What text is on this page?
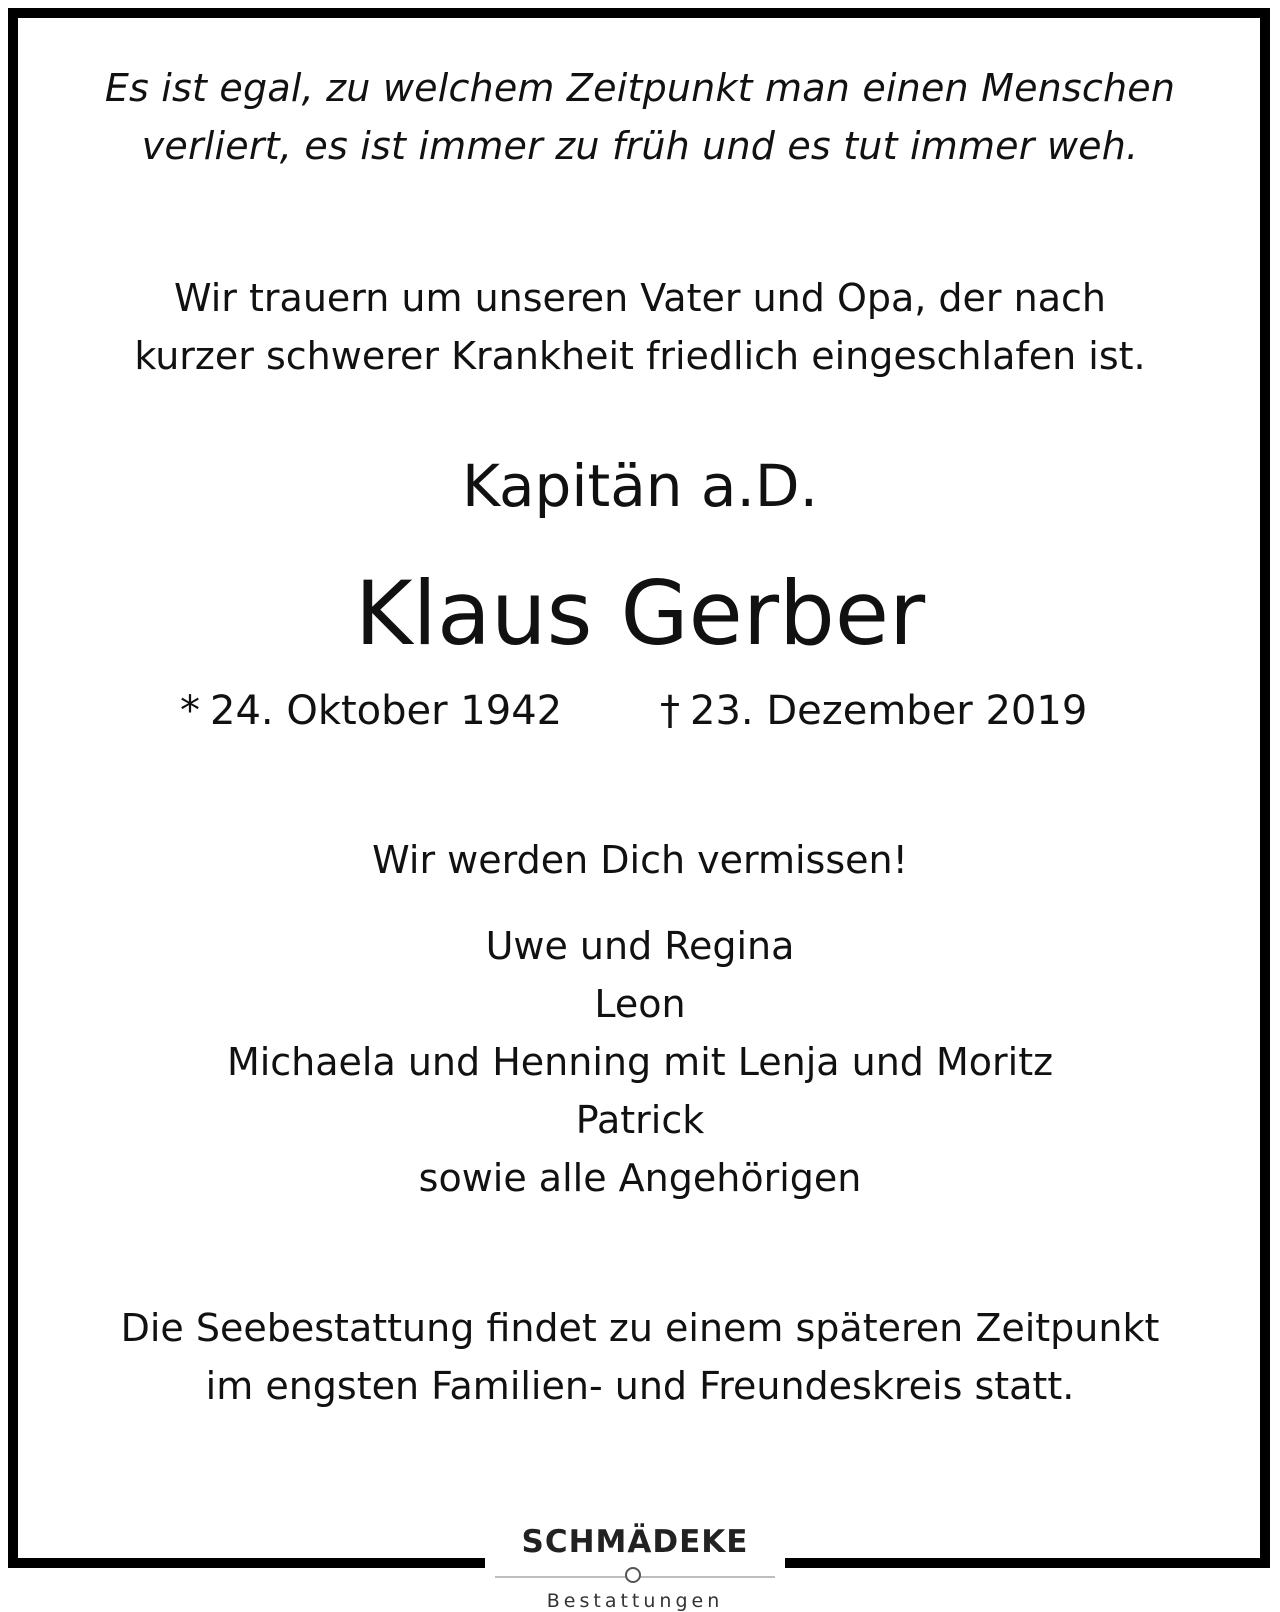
Es ist egal, zu welchem Zeitpunkt man einen Menschen
verliert, es ist immer zu früh und es tut immer weh.
Wir trauern um unseren Vater und Opa, der nach
kurzer schwerer Krankheit friedlich eingeschlafen ist.
Kapitän a.D.
Klaus Gerber
* 24. Oktober 1942 † 23. Dezember 2019
Wir werden Dich vermissen!
Uwe und Regina
Leon
Michaela und Henning mit Lenja und Moritz
Patrick
sowie alle Angehörigen
Die Seebestattung findet zu einem späteren Zeitpunkt
im engsten Familien- und Freundeskreis statt.
SCHMÄDEKE
Bestattungen
